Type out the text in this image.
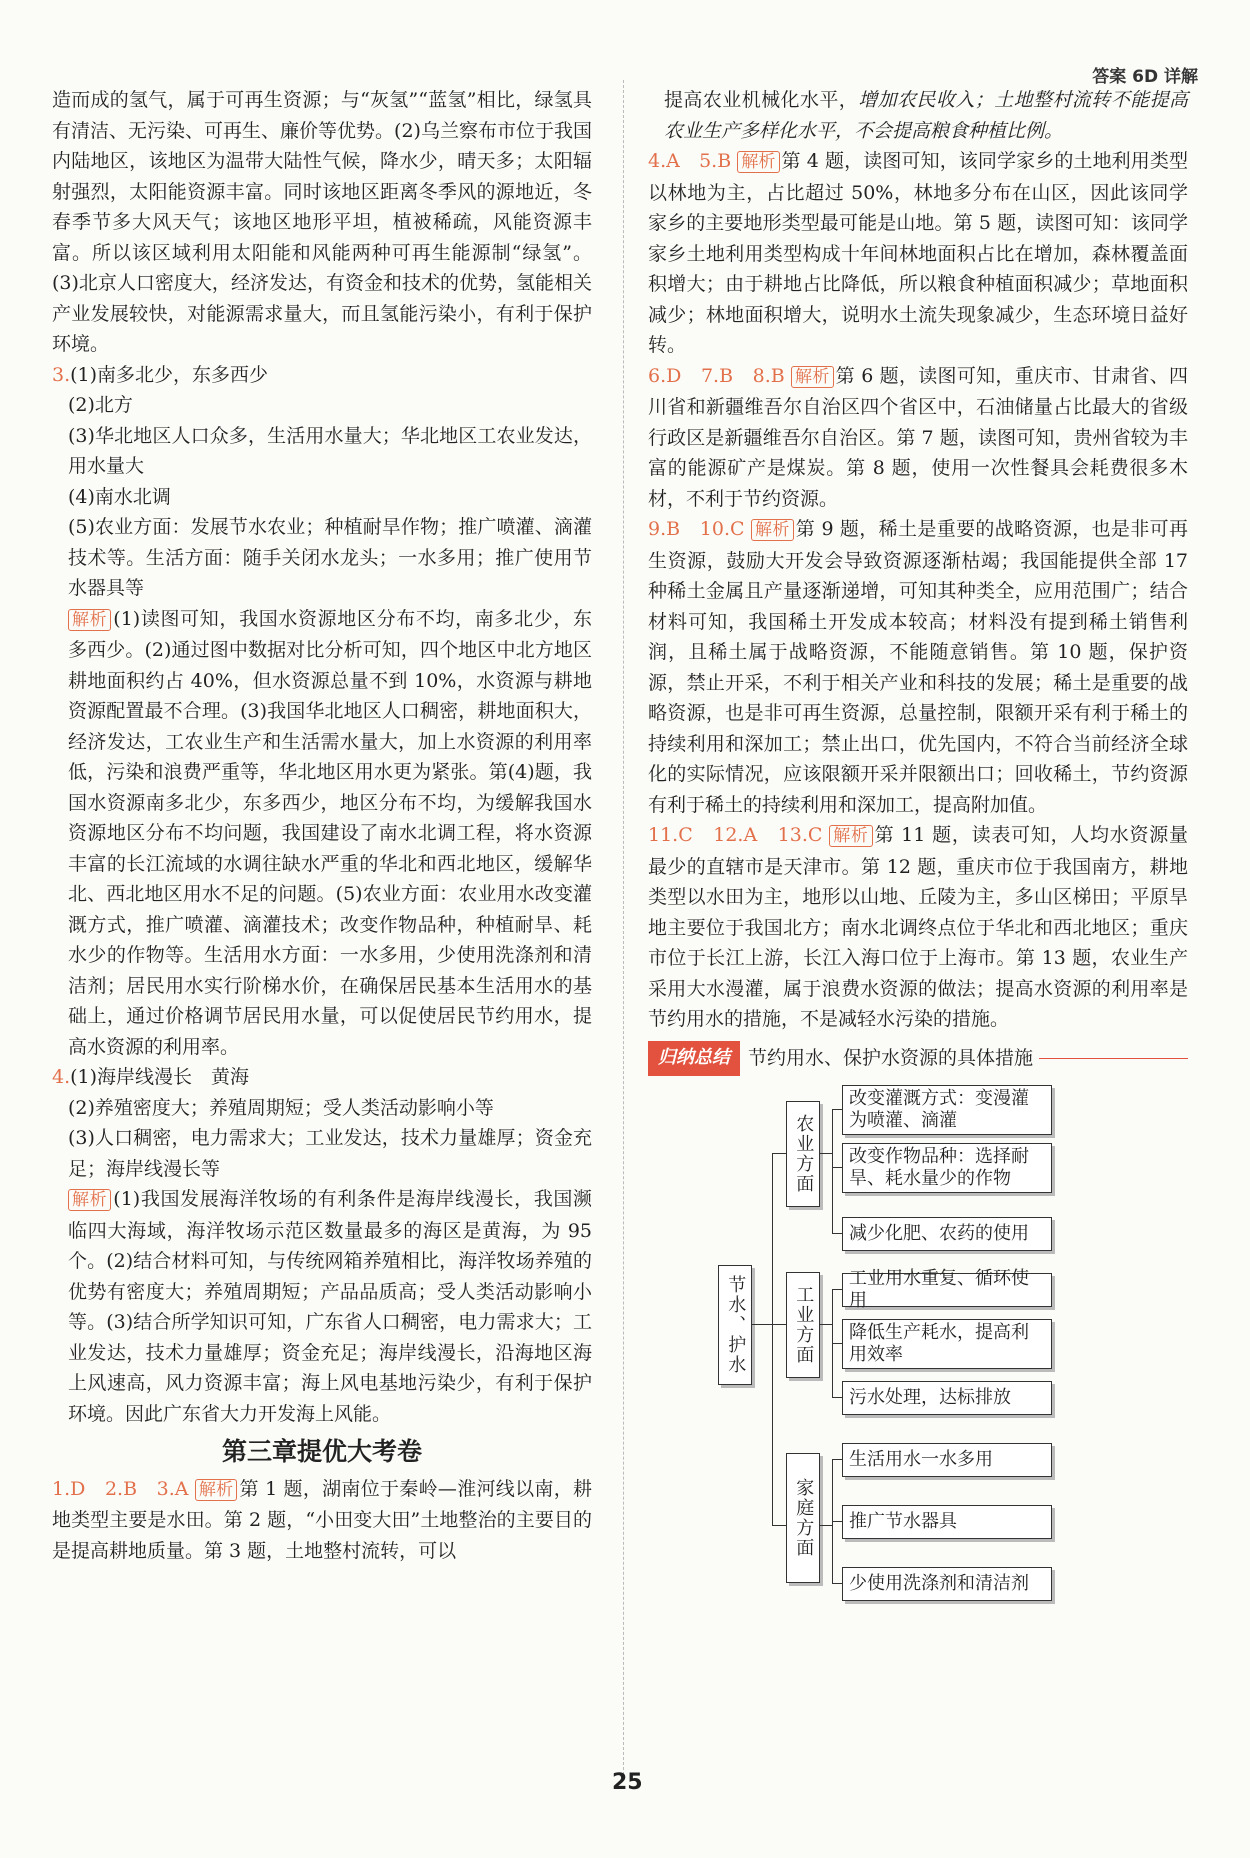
答案 6D 详解

造而成的氢气，属于可再生资源；与“灰氢”“蓝氢”相比，绿氢具有清洁、无污染、可再生、廉价等优势。(2)乌兰察布市位于我国内陆地区，该地区为温带大陆性气候，降水少，晴天多；太阳辐射强烈，太阳能资源丰富。同时该地区距离冬季风的源地近，冬春季节多大风天气；该地区地形平坦，植被稀疏，风能资源丰富。所以该区域利用太阳能和风能两种可再生能源制“绿氢”。(3)北京人口密度大，经济发达，有资金和技术的优势，氢能相关产业发展较快，对能源需求量大，而且氢能污染小，有利于保护环境。

3.(1)南多北少，东多西少

(2)北方

(3)华北地区人口众多，生活用水量大；华北地区工农业发达，用水量大

(4)南水北调

(5)农业方面：发展节水农业；种植耐旱作物；推广喷灌、滴灌技术等。生活方面：随手关闭水龙头；一水多用；推广使用节水器具等

解析 (1)读图可知，我国水资源地区分布不均，南多北少，东多西少。(2)通过图中数据对比分析可知，四个地区中北方地区耕地面积约占 40%，但水资源总量不到 10%，水资源与耕地资源配置最不合理。(3)我国华北地区人口稠密，耕地面积大，经济发达，工农业生产和生活需水量大，加上水资源的利用率低，污染和浪费严重等，华北地区用水更为紧张。第(4)题，我国水资源南多北少，东多西少，地区分布不均，为缓解我国水资源地区分布不均问题，我国建设了南水北调工程，将水资源丰富的长江流域的水调往缺水严重的华北和西北地区，缓解华北、西北地区用水不足的问题。(5)农业方面：农业用水改变灌溉方式，推广喷灌、滴灌技术；改变作物品种，种植耐旱、耗水少的作物等。生活用水方面：一水多用，少使用洗涤剂和清洁剂；居民用水实行阶梯水价，在确保居民基本生活用水的基础上，通过价格调节居民用水量，可以促使居民节约用水，提高水资源的利用率。

4.(1)海岸线漫长　黄海

(2)养殖密度大；养殖周期短；受人类活动影响小等

(3)人口稠密，电力需求大；工业发达，技术力量雄厚；资金充足；海岸线漫长等

解析 (1)我国发展海洋牧场的有利条件是海岸线漫长，我国濒临四大海域，海洋牧场示范区数量最多的海区是黄海，为 95 个。(2)结合材料可知，与传统网箱养殖相比，海洋牧场养殖的优势有密度大；养殖周期短；产品品质高；受人类活动影响小等。(3)结合所学知识可知，广东省人口稠密，电力需求大；工业发达，技术力量雄厚；资金充足；海岸线漫长，沿海地区海上风速高，风力资源丰富；海上风电基地污染少，有利于保护环境。因此广东省大力开发海上风能。

第三章提优大考卷

1.D　2.B　3.A 解析 第 1 题，湖南位于秦岭—淮河线以南，耕地类型主要是水田。第 2 题，“小田变大田”土地整治的主要目的是提高耕地质量。第 3 题，土地整村流转，可以

提高农业机械化水平，增加农民收入；土地整村流转不能提高农业生产多样化水平，不会提高粮食种植比例。

4.A　5.B 解析 第 4 题，读图可知，该同学家乡的土地利用类型以林地为主，占比超过 50%，林地多分布在山区，因此该同学家乡的主要地形类型最可能是山地。第 5 题，读图可知：该同学家乡土地利用类型构成十年间林地面积占比在增加，森林覆盖面积增大；由于耕地占比降低，所以粮食种植面积减少；草地面积减少；林地面积增大，说明水土流失现象减少，生态环境日益好转。

6.D　7.B　8.B 解析 第 6 题，读图可知，重庆市、甘肃省、四川省和新疆维吾尔自治区四个省区中，石油储量占比最大的省级行政区是新疆维吾尔自治区。第 7 题，读图可知，贵州省较为丰富的能源矿产是煤炭。第 8 题，使用一次性餐具会耗费很多木材，不利于节约资源。

9.B　10.C 解析 第 9 题，稀土是重要的战略资源，也是非可再生资源，鼓励大开发会导致资源逐渐枯竭；我国能提供全部 17 种稀土金属且产量逐渐递增，可知其种类全，应用范围广；结合材料可知，我国稀土开发成本较高；材料没有提到稀土销售利润，且稀土属于战略资源，不能随意销售。第 10 题，保护资源，禁止开采，不利于相关产业和科技的发展；稀土是重要的战略资源，也是非可再生资源，总量控制，限额开采有利于稀土的持续利用和深加工；禁止出口，优先国内，不符合当前经济全球化的实际情况，应该限额开采并限额出口；回收稀土，节约资源有利于稀土的持续利用和深加工，提高附加值。

11.C　12.A　13.C 解析 第 11 题，读表可知，人均水资源量最少的直辖市是天津市。第 12 题，重庆市位于我国南方，耕地类型以水田为主，地形以山地、丘陵为主，多山区梯田；平原旱地主要位于我国北方；南水北调终点位于华北和西北地区；重庆市位于长江上游，长江入海口位于上海市。第 13 题，农业生产采用大水漫灌，属于浪费水资源的做法；提高水资源的利用率是节约用水的措施，不是减轻水污染的措施。

归纳总结 节约用水、保护水资源的具体措施
节水、护水
农业方面
改变灌溉方式：变漫灌为喷灌、滴灌
改变作物品种：选择耐旱、耗水量少的作物
减少化肥、农药的使用
工业方面
工业用水重复、循环使用
降低生产耗水，提高利用效率
污水处理，达标排放
家庭方面
生活用水一水多用
推广节水器具
少使用洗涤剂和清洁剂
25
